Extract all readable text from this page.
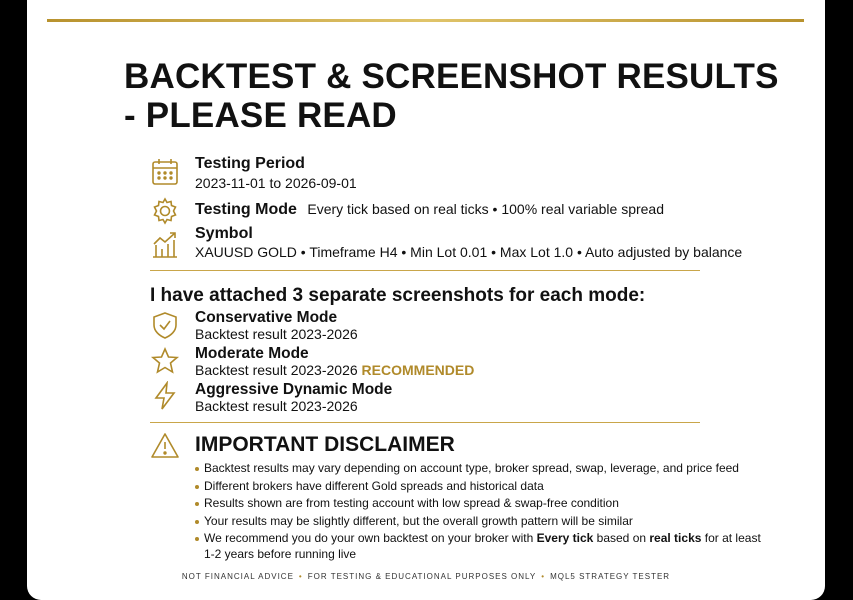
BACKTEST & SCREENSHOT RESULTS - PLEASE READ
Testing Period
2023-11-01 to 2026-09-01
Testing Mode Every tick based on real ticks • 100% real variable spread
Symbol
XAUUSD GOLD • Timeframe H4 • Min Lot 0.01 • Max Lot 1.0 • Auto adjusted by balance
I have attached 3 separate screenshots for each mode:
Conservative Mode
Backtest result 2023-2026
Moderate Mode
Backtest result 2023-2026 RECOMMENDED
Aggressive Dynamic Mode
Backtest result 2023-2026
IMPORTANT DISCLAIMER
Backtest results may vary depending on account type, broker spread, swap, leverage, and price feed
Different brokers have different Gold spreads and historical data
Results shown are from testing account with low spread & swap-free condition
Your results may be slightly different, but the overall growth pattern will be similar
We recommend you do your own backtest on your broker with Every tick based on real ticks for at least 1-2 years before running live
NOT FINANCIAL ADVICE • FOR TESTING & EDUCATIONAL PURPOSES ONLY • MQL5 STRATEGY TESTER
